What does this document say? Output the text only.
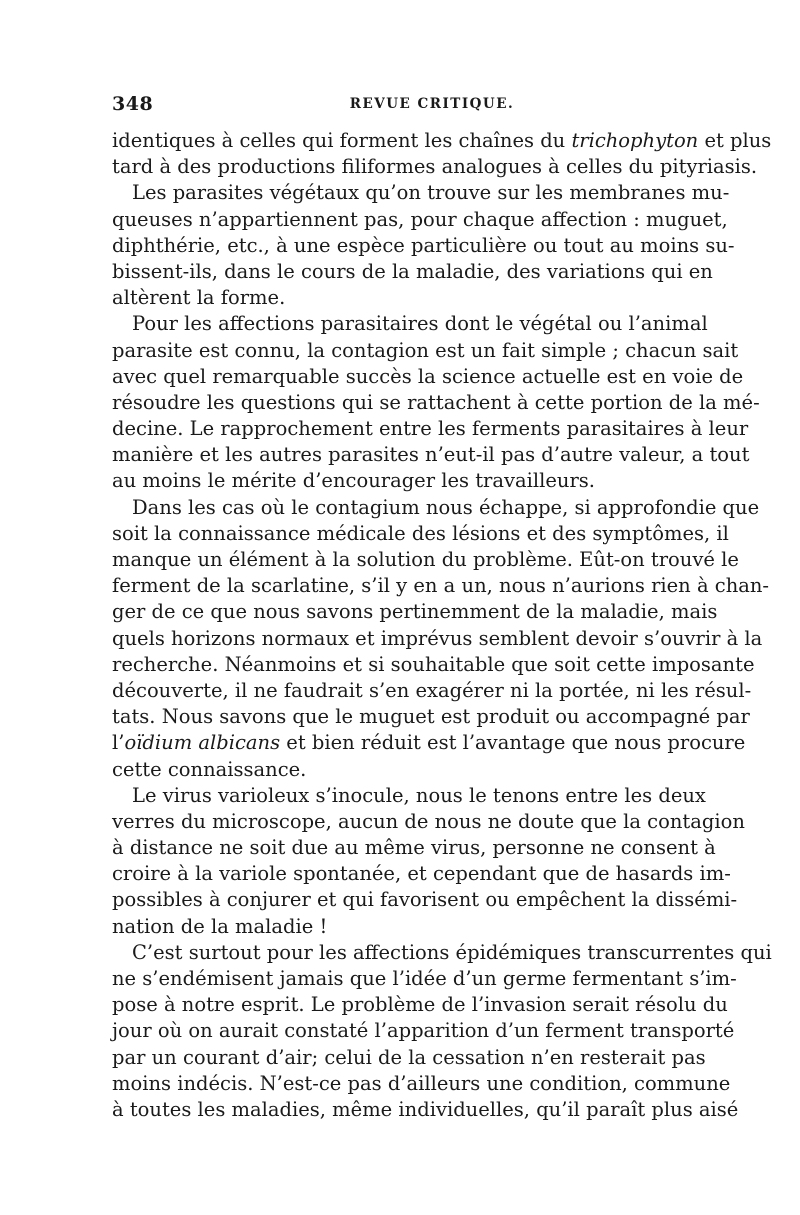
348	REVUE CRITIQUE.
identiques à celles qui forment les chaînes du trichophyton et plus
tard à des productions filiformes analogues à celles du pityriasis.
Les parasites végétaux qu’on trouve sur les membranes mu-
queuses n’appartiennent pas, pour chaque affection : muguet,
diphthérie, etc., à une espèce particulière ou tout au moins su-
bissent-ils, dans le cours de la maladie, des variations qui en
altèrent la forme.
Pour les affections parasitaires dont le végétal ou l’animal
parasite est connu, la contagion est un fait simple ; chacun sait
avec quel remarquable succès la science actuelle est en voie de
résoudre les questions qui se rattachent à cette portion de la mé-
decine. Le rapprochement entre les ferments parasitaires à leur
manière et les autres parasites n’eut-il pas d’autre valeur, a tout
au moins le mérite d’encourager les travailleurs.
Dans les cas où le contagium nous échappe, si approfondie que
soit la connaissance médicale des lésions et des symptômes, il
manque un élément à la solution du problème. Eût-on trouvé le
ferment de la scarlatine, s’il y en a un, nous n’aurions rien à chan-
ger de ce que nous savons pertinemment de la maladie, mais
quels horizons normaux et imprévus semblent devoir s’ouvrir à la
recherche. Néanmoins et si souhaitable que soit cette imposante
découverte, il ne faudrait s’en exagérer ni la portée, ni les résul-
tats. Nous savons que le muguet est produit ou accompagné par
l’oïdium albicans et bien réduit est l’avantage que nous procure
cette connaissance.
Le virus varioleux s’inocule, nous le tenons entre les deux
verres du microscope, aucun de nous ne doute que la contagion
à distance ne soit due au même virus, personne ne consent à
croire à la variole spontanée, et cependant que de hasards im-
possibles à conjurer et qui favorisent ou empêchent la dissémi-
nation de la maladie !
C’est surtout pour les affections épidémiques transcurrentes qui
ne s’endémisent jamais que l’idée d’un germe fermentant s’im-
pose à notre esprit. Le problème de l’invasion serait résolu du
jour où on aurait constaté l’apparition d’un ferment transporté
par un courant d’air; celui de la cessation n’en resterait pas
moins indécis. N’est-ce pas d’ailleurs une condition, commune
à toutes les maladies, même individuelles, qu’il paraît plus aisé
